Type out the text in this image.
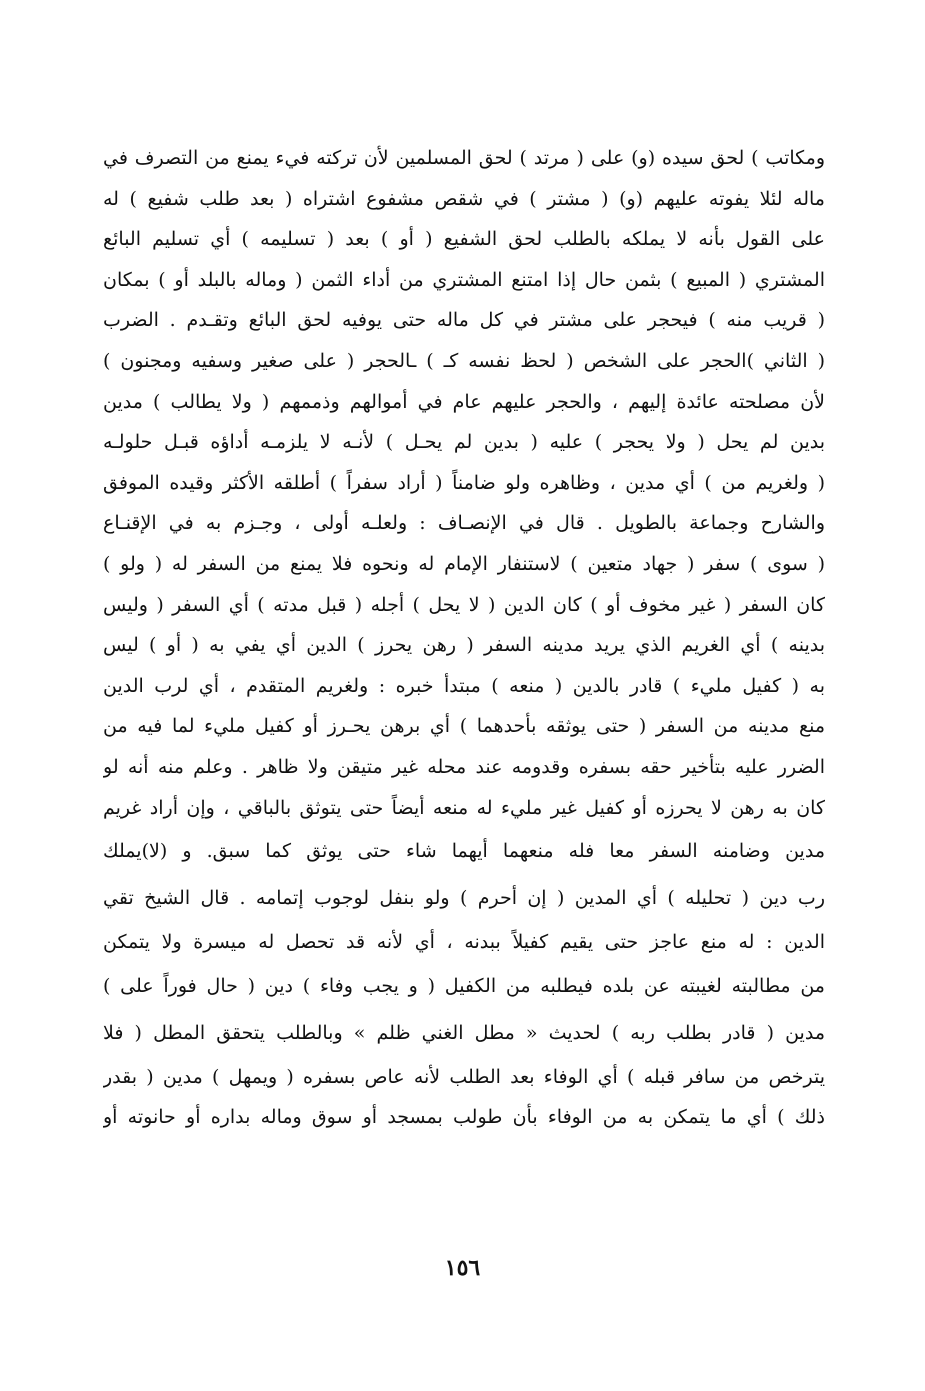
ومكاتب ) لحق سيده (و) على ( مرتد ) لحق المسلمين لأن تركته فيء يمنع من التصرف في
ماله لئلا يفوته عليهم (و) ( مشتر ) في شقص مشفوع اشتراه ( بعد طلب شفيع ) له
على القول بأنه لا يملكه بالطلب لحق الشفيع ( أو ) بعد ( تسليمه ) أي تسليم البائع
المشتري ( المبيع ) بثمن حال إذا امتنع المشتري من أداء الثمن ( وماله بالبلد أو ) بمكان
( قريب منه ) فيحجر على مشتر في كل ماله حتى يوفيه لحق البائع وتقـدم . الضرب
( الثاني )الحجر على الشخص ( لحظ نفسه كـ ) ـالحجر ( على صغير وسفيه ومجنون )
لأن مصلحته عائدة إليهم ، والحجر عليهم عام في أموالهم وذممهم ( ولا يطالب ) مدين
بدين لم يحل ( ولا يحجر ) عليه ( بدين لم يحـل ) لأنـه لا يلزمـه أداؤه قبـل حلولـه
( ولغريم من ) أي مدين ، وظاهره ولو ضامناً ( أراد سفراً ) أطلقه الأكثر وقيده الموفق
والشارح وجماعة بالطويل . قال في الإنصـاف : ولعلـه أولى ، وجـزم به في الإقنـاع
( سوى ) سفر ( جهاد متعين ) لاستنفار الإمام له ونحوه فلا يمنع من السفر له ( ولو )
كان السفر ( غير مخوف أو ) كان الدين ( لا يحل ) أجله ( قبل مدته ) أي السفر ( وليس
بدينه ) أي الغريم الذي يريد مدينه السفر ( رهن يحرز ) الدين أي يفي به ( أو ) ليس
به ( كفيل مليء ) قادر بالدين ( منعه ) مبتدأ خبره : ولغريم المتقدم ، أي لرب الدين
منع مدينه من السفر ( حتى يوثقه بأحدهما ) أي برهن يحـرز أو كفيل مليء لما فيه من
الضرر عليه بتأخير حقه بسفره وقدومه عند محله غير متيقن ولا ظاهر . وعلم منه أنه لو
كان به رهن لا يحرزه أو كفيل غير مليء له منعه أيضاً حتى يتوثق بالباقي ، وإن أراد غريم
مدين وضامنه السفر معا فله منعهما أيهما شاء حتى يوثق كما سبق. و (لا)يملك
رب دين ( تحليله ) أي المدين ( إن أحرم ) ولو بنفل لوجوب إتمامه . قال الشيخ تقي
الدين : له منع عاجز حتى يقيم كفيلاً ببدنه ، أي لأنه قد تحصل له ميسرة ولا يتمكن
من مطالبته لغيبته عن بلده فيطلبه من الكفيل ( و يجب وفاء ) دين ( حال فوراً على )
مدين ( قادر بطلب ربه ) لحديث « مطل الغني ظلم » وبالطلب يتحقق المطل ( فلا
يترخص من سافر قبله ) أي الوفاء بعد الطلب لأنه عاص بسفره ( ويمهل ) مدين ( بقدر
ذلك ) أي ما يتمكن به من الوفاء بأن طولب بمسجد أو سوق وماله بداره أو حانوته أو
١٥٦
